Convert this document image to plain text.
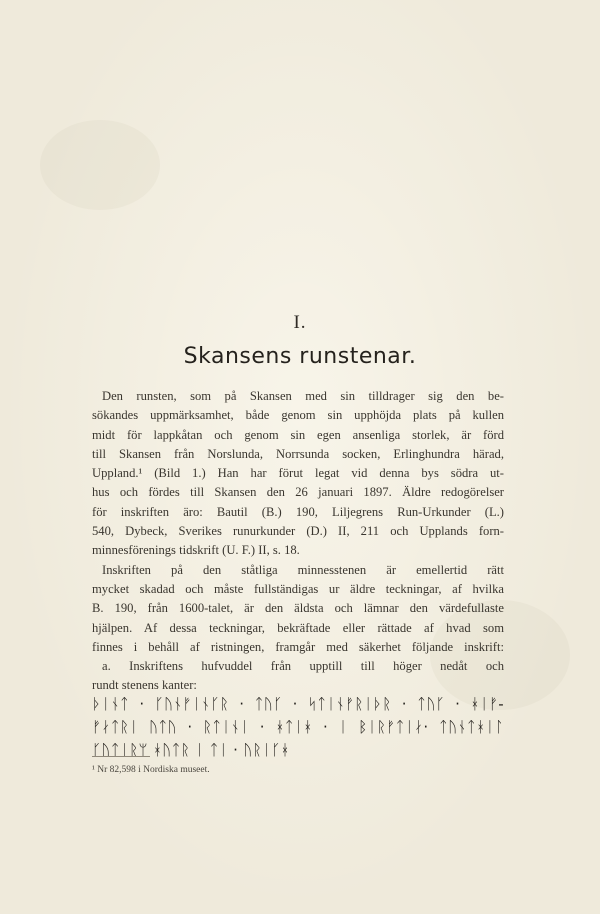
I.
Skansens runstenar.
Den runsten, som på Skansen med sin tilldrager sig den be-
sökandes uppmärksamhet, både genom sin upphöjda plats på kullen
midt för lappkåtan och genom sin egen ansenliga storlek, är förd
till Skansen från Norslunda, Norrsunda socken, Erlinghundra härad,
Uppland.¹ (Bild 1.) Han har förut legat vid denna bys södra ut-
hus och fördes till Skansen den 26 januari 1897. Äldre redogörelser
för inskriften äro: Bautil (B.) 190, Liljegrens Run-Urkunder (L.)
540, Dybeck, Sverikes runurkunder (D.) II, 211 och Upplands forn-
minnesförenings tidskrift (U. F.) II, s. 18.
Inskriften på den ståtliga minnesstenen är emellertid rätt
mycket skadad och måste fullständigas ur äldre teckningar, af hvilka
B. 190, från 1600-talet, är den äldsta och lämnar den värdefullaste
hjälpen. Af dessa teckningar, bekräftade eller rättade af hvad som
finnes i behåll af ristningen, framgår med säkerhet följande inskrift:
a. Inskriftens hufvuddel från upptill till höger nedåt och
rundt stenens kanter:
ᚦᛁᚾᛏ · ᚴᚢᚾᚠᛁᚾᚴᚱ · ᛏᚢᚴ · ᛋᛏᛁᚾᚠᚱᛁᚦᚱ · ᛏᚢᚴ · ᚼᛁᚠ-
ᚠᛅᛏᚱᛁ ᚢᛏᚢ · ᚱᛏᛁᚾᛁ · ᚼᛏᛁᚼ · ᛁ ᛒᛁᚱᚠᛏᛁᛅ· ᛏᚢᚾᛏᚼᛁᛚ
ᚴᚢᛏᛁᚱᛘ ᚼᚢᛏᚱ ᛁ ᛏᛁ · ᚢᚱᛁᚴᚼ
¹ Nr 82,598 i Nordiska museet.
